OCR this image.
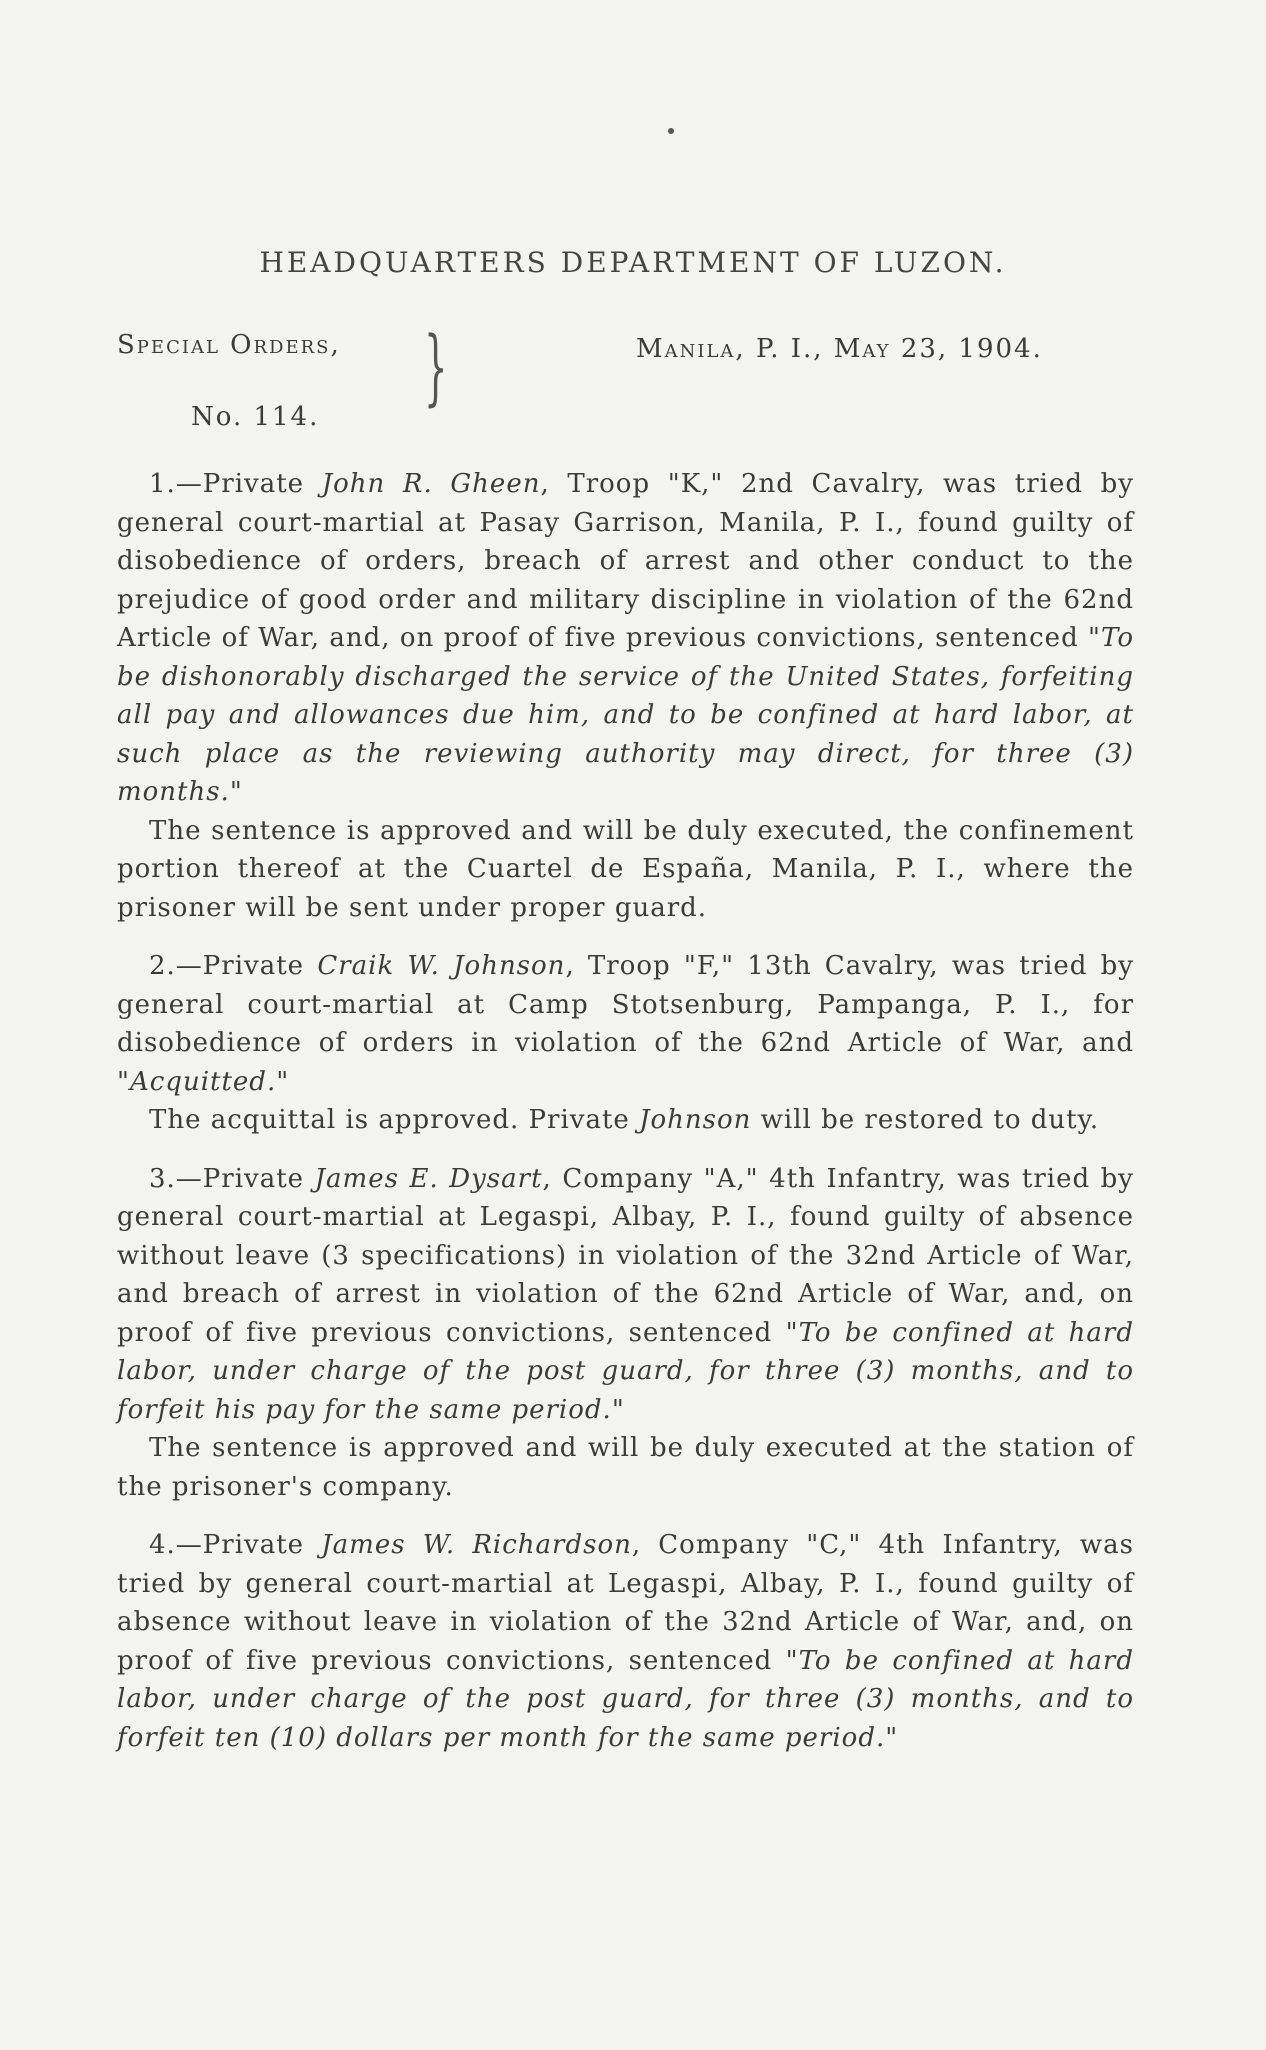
HEADQUARTERS DEPARTMENT OF LUZON.
Special Orders,
No. 114.
}	Manila, P. I., May 23, 1904.

1.—Private John R. Gheen, Troop "K," 2nd Cavalry, was tried by general court-martial at Pasay Garrison, Manila, P. I., found guilty of disobedience of orders, breach of arrest and other conduct to the prejudice of good order and military discipline in violation of the 62nd Article of War, and, on proof of five previous convictions, sentenced "To be dishonorably discharged the service of the United States, forfeiting all pay and allowances due him, and to be confined at hard labor, at such place as the reviewing authority may direct, for three (3) months."

The sentence is approved and will be duly executed, the confinement portion thereof at the Cuartel de España, Manila, P. I., where the prisoner will be sent under proper guard.

2.—Private Craik W. Johnson, Troop "F," 13th Cavalry, was tried by general court-martial at Camp Stotsenburg, Pampanga, P. I., for disobedience of orders in violation of the 62nd Article of War, and "Acquitted."

The acquittal is approved. Private Johnson will be restored to duty.

3.—Private James E. Dysart, Company "A," 4th Infantry, was tried by general court-martial at Legaspi, Albay, P. I., found guilty of absence without leave (3 specifications) in violation of the 32nd Article of War, and breach of arrest in violation of the 62nd Article of War, and, on proof of five previous convictions, sentenced "To be confined at hard labor, under charge of the post guard, for three (3) months, and to forfeit his pay for the same period."

The sentence is approved and will be duly executed at the station of the prisoner's company.

4.—Private James W. Richardson, Company "C," 4th Infantry, was tried by general court-martial at Legaspi, Albay, P. I., found guilty of absence without leave in violation of the 32nd Article of War, and, on proof of five previous convictions, sentenced "To be confined at hard labor, under charge of the post guard, for three (3) months, and to forfeit ten (10) dollars per month for the same period."
